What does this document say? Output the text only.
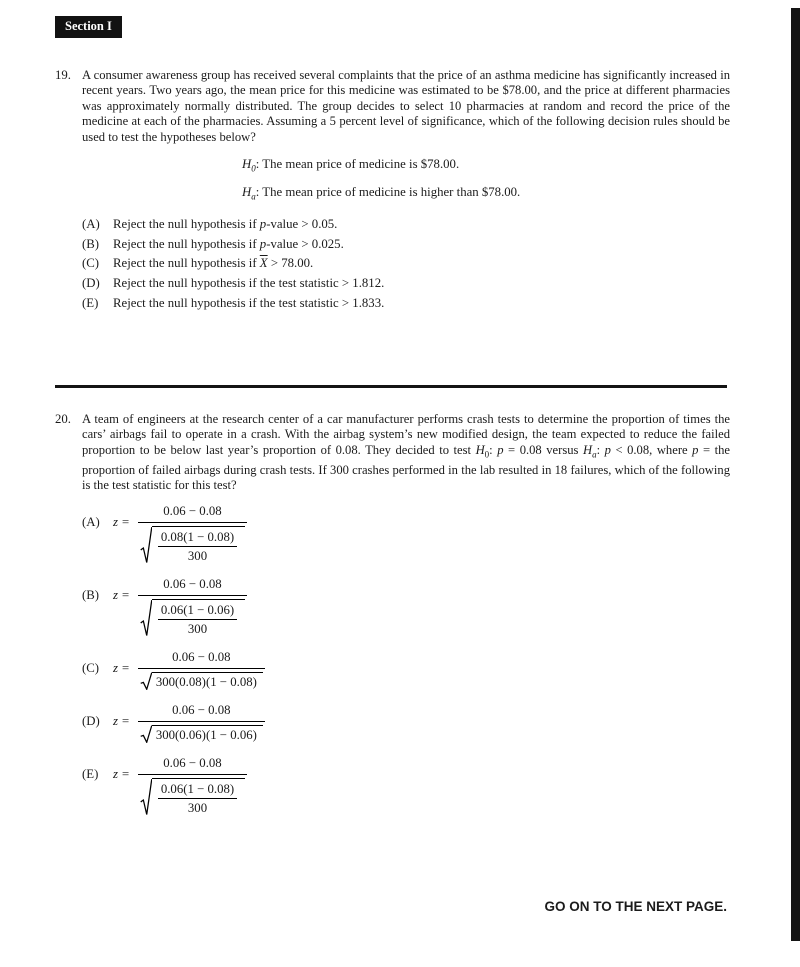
Section I
19. A consumer awareness group has received several complaints that the price of an asthma medicine has significantly increased in recent years. Two years ago, the mean price for this medicine was estimated to be $78.00, and the price at different pharmacies was approximately normally distributed. The group decides to select 10 pharmacies at random and record the price of the medicine at each of the pharmacies. Assuming a 5 percent level of significance, which of the following decision rules should be used to test the hypotheses below?

$H_0$: The mean price of medicine is $78.00.
$H_a$: The mean price of medicine is higher than $78.00.
(A)	Reject the null hypothesis if p-value > 0.05.
(B)	Reject the null hypothesis if p-value > 0.025.
(C)	Reject the null hypothesis if $\overline{X} > 78.00$.
(D)	Reject the null hypothesis if the test statistic > 1.812.
(E)	Reject the null hypothesis if the test statistic > 1.833.
20. A team of engineers at the research center of a car manufacturer performs crash tests to determine the proportion of times the cars’ airbags fail to operate in a crash. With the airbag system’s new modified design, the team expected to reduce the failed proportion to be below last year’s proportion of 0.08. They decided to test $H_0$: p = 0.08 versus $H_a$: p < 0.08, where p = the proportion of failed airbags during crash tests. If 300 crashes performed in the lab resulted in 18 failures, which of the following is the test statistic for this test?

(A)	$z = \frac{0.06 - 0.08}{\frac{0.08(1 - 0.08)}{300}}$
(B)	$z = \frac{0.06 - 0.08}{\frac{0.06(1 - 0.06)}{300}}$
(C)	$z = \frac{0.06 - 0.08}{300(0.08)(1 - 0.08)}$
(D)	$z = \frac{0.06 - 0.08}{300(0.06)(1 - 0.06)}$
(E)	$z = \frac{0.06 - 0.08}{\frac{0.06(1 - 0.08)}{300}}$
GO ON TO THE NEXT PAGE.
